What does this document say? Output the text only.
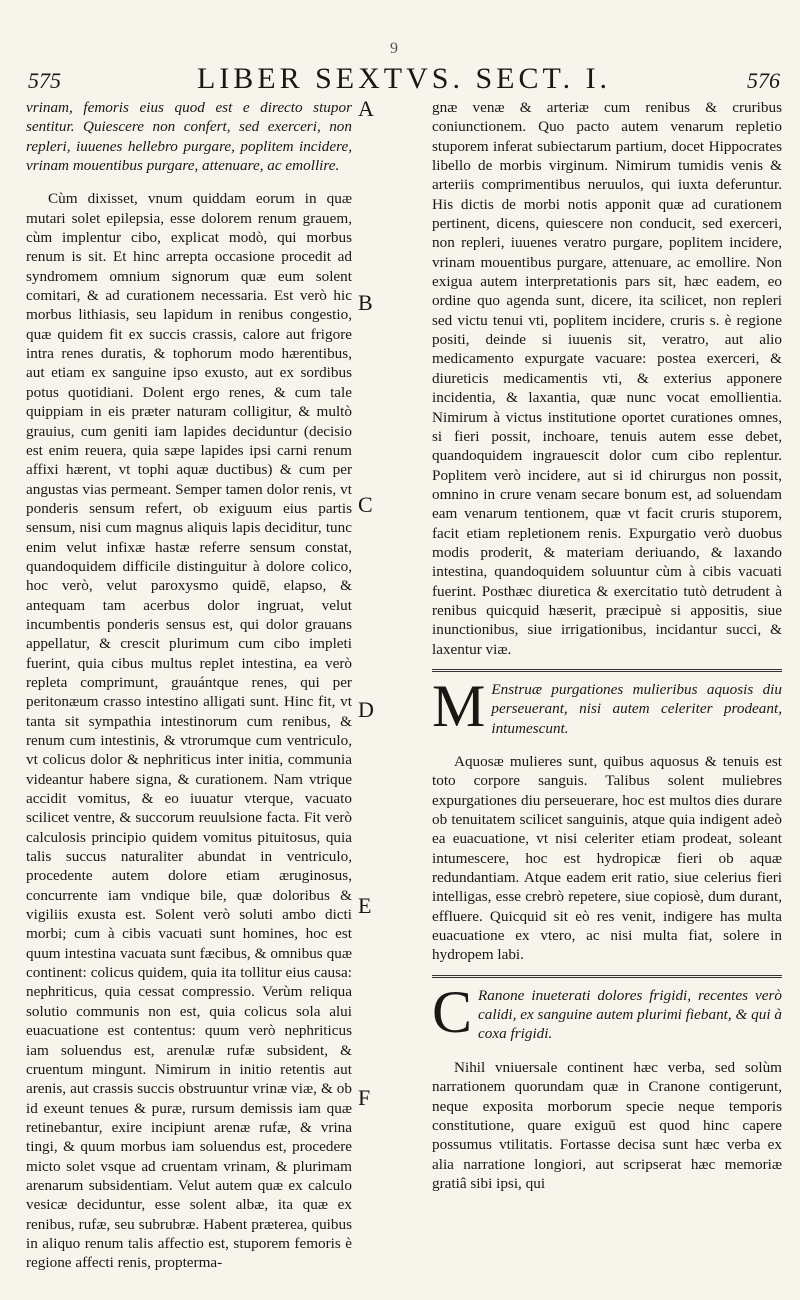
9
575	LIBER SEXTVS. SECT. I.	576
A
B
C
D
E
F

vrinam, femoris eius quod est e directo stupor sentitur. Quiescere non confert, sed exerceri, non repleri, iuuenes hellebro purgare, poplitem incidere, vrinam mouentibus purgare, attenuare, ac emollire.

Cùm dixisset, vnum quiddam eorum in quæ mutari solet epilepsia, esse dolorem renum grauem, cùm implentur cibo, explicat modò, qui morbus renum is sit. Et hinc arrepta occasione procedit ad syndromem omnium signorum quæ eum solent comitari, & ad curationem necessaria. Est verò hic morbus lithiasis, seu lapidum in renibus congestio, quæ quidem fit ex succis crassis, calore aut frigore intra renes duratis, & tophorum modo hærentibus, aut etiam ex sanguine ipso exusto, aut ex sordibus potus quotidiani. Dolent ergo renes, & cum tale quippiam in eis præter naturam colligitur, & multò grauius, cum geniti iam lapides deciduntur (decisio est enim reuera, quia sæpe lapides ipsi carni renum affixi hærent, vt tophi aquæ ductibus) & cum per angustas vias permeant. Semper tamen dolor renis, vt ponderis sensum refert, ob exiguum eius partis sensum, nisi cum magnus aliquis lapis deciditur, tunc enim velut infixæ hastæ referre sensum constat, quandoquidem difficile distinguitur à dolore colico, hoc verò, velut paroxysmo quidē, elapso, & antequam tam acerbus dolor ingruat, velut incumbentis ponderis sensus est, qui dolor grauans appellatur, & crescit plurimum cum cibo impleti fuerint, quia cibus multus replet intestina, ea verò repleta comprimunt, grauántque renes, qui per peritonæum crasso intestino alligati sunt. Hinc fit, vt tanta sit sympathia intestinorum cum renibus, & renum cum intestinis, & vtrorumque cum ventriculo, vt colicus dolor & nephriticus inter initia, communia videantur habere signa, & curationem. Nam vtrique accidit vomitus, & eo iuuatur vterque, vacuato scilicet ventre, & succorum reuulsione facta. Fit verò calculosis principio quidem vomitus pituitosus, quia talis succus naturaliter abundat in ventriculo, procedente autem dolore etiam æruginosus, concurrente iam vndique bile, quæ doloribus & vigiliis exusta est. Solent verò soluti ambo dicti morbi; cum à cibis vacuati sunt homines, hoc est quum intestina vacuata sunt fæcibus, & omnibus quæ continent: colicus quidem, quia ita tollitur eius causa: nephriticus, quia cessat compressio. Verùm reliqua solutio communis non est, quia colicus sola alui euacuatione est contentus: quum verò nephriticus iam soluendus est, arenulæ rufæ subsident, & cruentum mingunt. Nimirum in initio retentis aut arenis, aut crassis succis obstruuntur vrinæ viæ, & ob id exeunt tenues & puræ, rursum demissis iam quæ retinebantur, exire incipiunt arenæ rufæ, & vrina tingi, & quum morbus iam soluendus est, procedere micto solet vsque ad cruentam vrinam, & plurimam arenarum subsidentiam. Velut autem quæ ex calculo vesicæ deciduntur, esse solent albæ, ita quæ ex renibus, rufæ, seu subrubræ. Habent præterea, quibus in aliquo renum talis affectio est, stuporem femoris è regione affecti renis, propterma-

gnæ venæ & arteriæ cum renibus & cruribus coniunctionem. Quo pacto autem venarum repletio stuporem inferat subiectarum partium, docet Hippocrates libello de morbis virginum. Nimirum tumidis venis & arteriis comprimentibus neruulos, qui iuxta deferuntur. His dictis de morbi notis apponit quæ ad curationem pertinent, dicens, quiescere non conducit, sed exerceri, non repleri, iuuenes veratro purgare, poplitem incidere, vrinam mouentibus purgare, attenuare, ac emollire. Non exigua autem interpretationis pars sit, hæc eadem, eo ordine quo agenda sunt, dicere, ita scilicet, non repleri sed victu tenui vti, poplitem incidere, cruris s. è regione positi, deinde si iuuenis sit, veratro, aut alio medicamento expurgate vacuare: postea exerceri, & diureticis medicamentis vti, & exterius apponere incidentia, & laxantia, quæ nunc vocat emollientia. Nimirum à victus institutione oportet curationes omnes, si fieri possit, inchoare, tenuis autem esse debet, quandoquidem ingrauescit dolor cum cibo replentur. Poplitem verò incidere, aut si id chirurgus non possit, omnino in crure venam secare bonum est, ad soluendam eam venarum tentionem, quæ vt facit cruris stuporem, facit etiam repletionem renis. Expurgatio verò duobus modis proderit, & materiam deriuando, & laxando intestina, quandoquidem soluuntur cùm à cibis vacuati fuerint. Posthæc diuretica & exercitatio tutò detrudent à renibus quicquid hæserit, præcipuè si appositis, siue inunctionibus, siue irrigationibus, incidantur succi, & laxentur viæ.

M Enstruæ purgationes mulieribus aquosis diu perseuerant, nisi autem celeriter prodeant, intumescunt.

Aquosæ mulieres sunt, quibus aquosus & tenuis est toto corpore sanguis. Talibus solent muliebres expurgationes diu perseuerare, hoc est multos dies durare ob tenuitatem scilicet sanguinis, atque quia indigent adeò ea euacuatione, vt nisi celeriter etiam prodeat, soleant intumescere, hoc est hydropicæ fieri ob aquæ redundantiam. Atque eadem erit ratio, siue celerius fieri intelligas, esse crebrò repetere, siue copiosè, dum durant, effluere. Quicquid sit eò res venit, indigere has multa euacuatione ex vtero, ac nisi multa fiat, solere in hydropem labi.

C Ranone inueterati dolores frigidi, recentes verò calidi, ex sanguine autem plurimi fiebant, & qui à coxa frigidi.

Nihil vniuersale continent hæc verba, sed solùm narrationem quorundam quæ in Cranone contigerunt, neque exposita morborum specie neque temporis constitutione, quare exiguū est quod hinc capere possumus vtilitatis. Fortasse decisa sunt hæc verba ex alia narratione longiori, aut scripserat hæc memoriæ gratiâ sibi ipsi, qui
